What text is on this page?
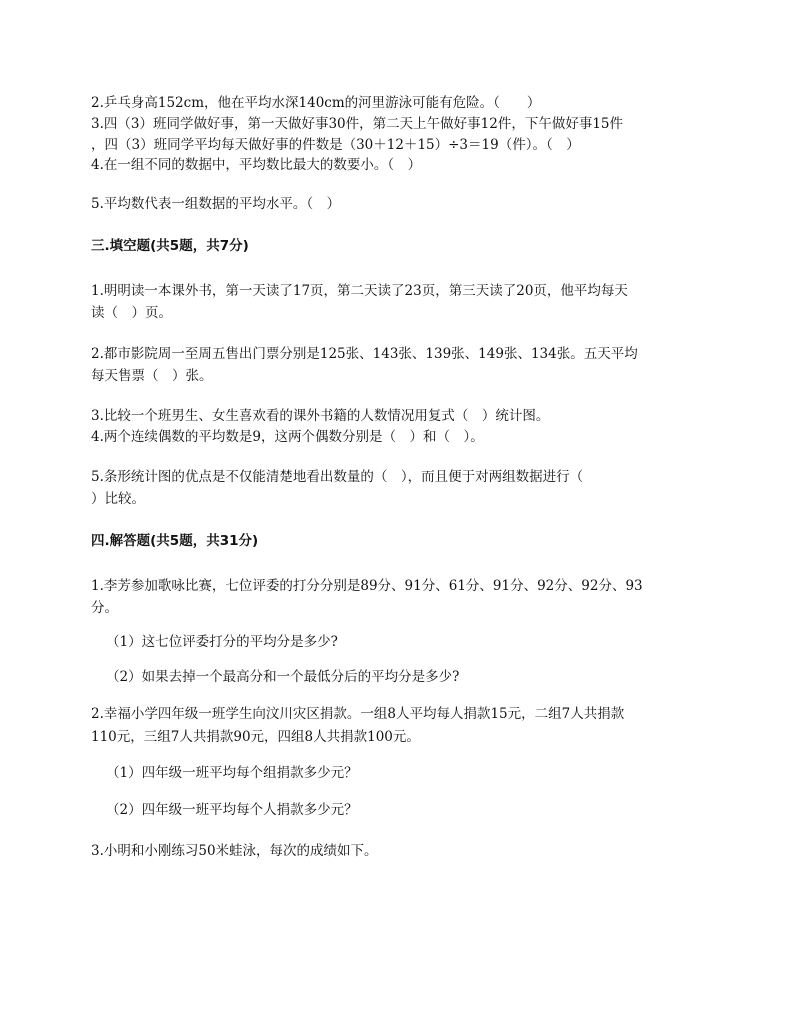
2.乒乓身高152cm，他在平均水深140cm的河里游泳可能有危险。（　　）
3.四（3）班同学做好事，第一天做好事30件，第二天上午做好事12件，下午做好事15件
，四（3）班同学平均每天做好事的件数是（30＋12＋15）÷3＝19（件）。（　）
4.在一组不同的数据中，平均数比最大的数要小。（　）
5.平均数代表一组数据的平均水平。（　）
三.填空题(共5题，共7分)
1.明明读一本课外书，第一天读了17页，第二天读了23页，第三天读了20页，他平均每天
读（　）页。
2.都市影院周一至周五售出门票分别是125张、143张、139张、149张、134张。五天平均
每天售票（　）张。
3.比较一个班男生、女生喜欢看的课外书籍的人数情况用复式（　）统计图。
4.两个连续偶数的平均数是9，这两个偶数分别是（　）和（　）。
5.条形统计图的优点是不仅能清楚地看出数量的（　），而且便于对两组数据进行（
）比较。
四.解答题(共5题，共31分)
1.李芳参加歌咏比赛，七位评委的打分分别是89分、91分、61分、91分、92分、92分、93
分。
（1）这七位评委打分的平均分是多少?
（2）如果去掉一个最高分和一个最低分后的平均分是多少?
2.幸福小学四年级一班学生向汶川灾区捐款。一组8人平均每人捐款15元，二组7人共捐款
110元，三组7人共捐款90元，四组8人共捐款100元。
（1）四年级一班平均每个组捐款多少元？
（2）四年级一班平均每个人捐款多少元？
3.小明和小刚练习50米蛙泳，每次的成绩如下。
